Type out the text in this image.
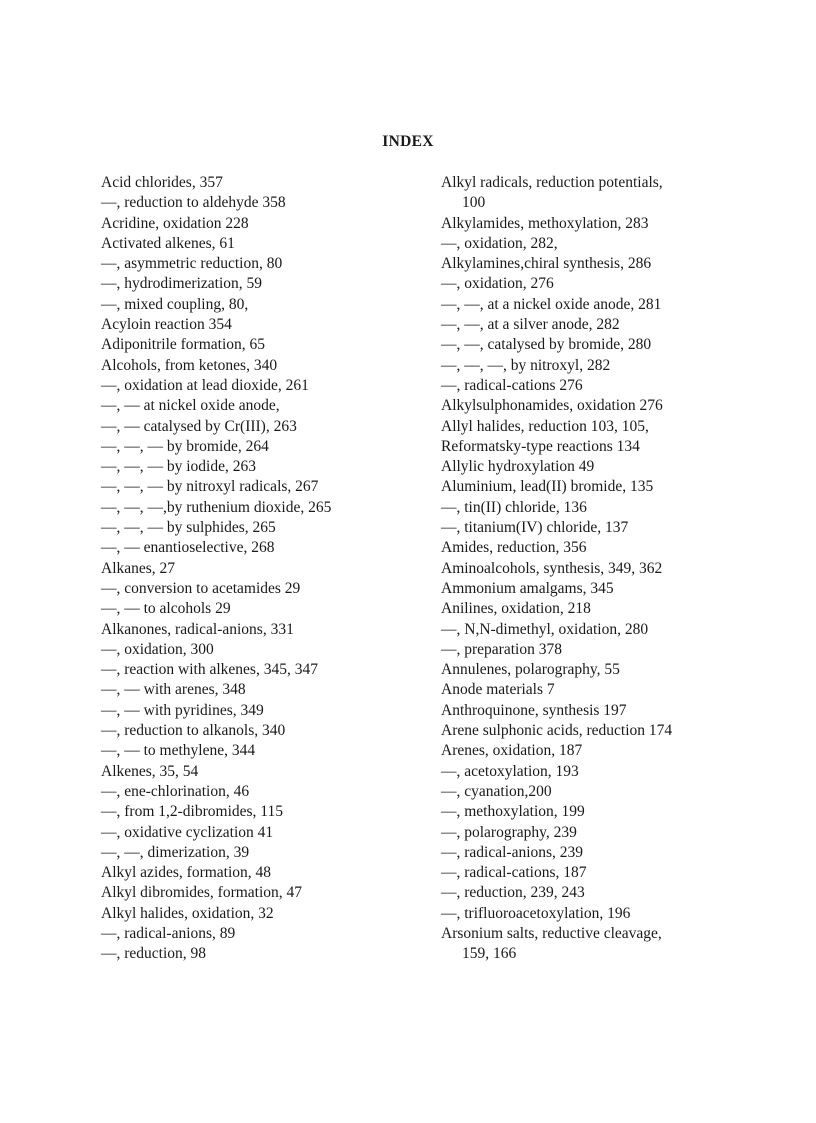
INDEX
Acid chlorides, 357
—, reduction to aldehyde 358
Acridine, oxidation 228
Activated alkenes, 61
—, asymmetric reduction, 80
—, hydrodimerization, 59
—, mixed coupling, 80,
Acyloin reaction 354
Adiponitrile formation, 65
Alcohols, from ketones, 340
—, oxidation at lead dioxide, 261
—, — at nickel oxide anode,
—, — catalysed by Cr(III), 263
—, —, — by bromide, 264
—, —, — by iodide, 263
—, —, — by nitroxyl radicals, 267
—, —, —,by ruthenium dioxide, 265
—, —, — by sulphides, 265
—, — enantioselective, 268
Alkanes, 27
—, conversion to acetamides 29
—, — to alcohols 29
Alkanones, radical-anions, 331
—, oxidation, 300
—, reaction with alkenes, 345, 347
—, — with arenes, 348
—, — with pyridines, 349
—, reduction to alkanols, 340
—, — to methylene, 344
Alkenes, 35, 54
—, ene-chlorination, 46
—, from 1,2-dibromides, 115
—, oxidative cyclization 41
—, —, dimerization, 39
Alkyl azides, formation, 48
Alkyl dibromides, formation, 47
Alkyl halides, oxidation, 32
—, radical-anions, 89
—, reduction, 98
Alkyl radicals, reduction potentials,
100
Alkylamides, methoxylation, 283
—, oxidation, 282,
Alkylamines,chiral synthesis, 286
—, oxidation, 276
—, —, at a nickel oxide anode, 281
—, —, at a silver anode, 282
—, —, catalysed by bromide, 280
—, —, —, by nitroxyl, 282
—, radical-cations 276
Alkylsulphonamides, oxidation 276
Allyl halides, reduction 103, 105,
Reformatsky-type reactions 134
Allylic hydroxylation 49
Aluminium, lead(II) bromide, 135
—, tin(II) chloride, 136
—, titanium(IV) chloride, 137
Amides, reduction, 356
Aminoalcohols, synthesis, 349, 362
Ammonium amalgams, 345
Anilines, oxidation, 218
—, N,N-dimethyl, oxidation, 280
—, preparation 378
Annulenes, polarography, 55
Anode materials 7
Anthroquinone, synthesis 197
Arene sulphonic acids, reduction 174
Arenes, oxidation, 187
—, acetoxylation, 193
—, cyanation,200
—, methoxylation, 199
—, polarography, 239
—, radical-anions, 239
—, radical-cations, 187
—, reduction, 239, 243
—, trifluoroacetoxylation, 196
Arsonium salts, reductive cleavage,
159, 166
